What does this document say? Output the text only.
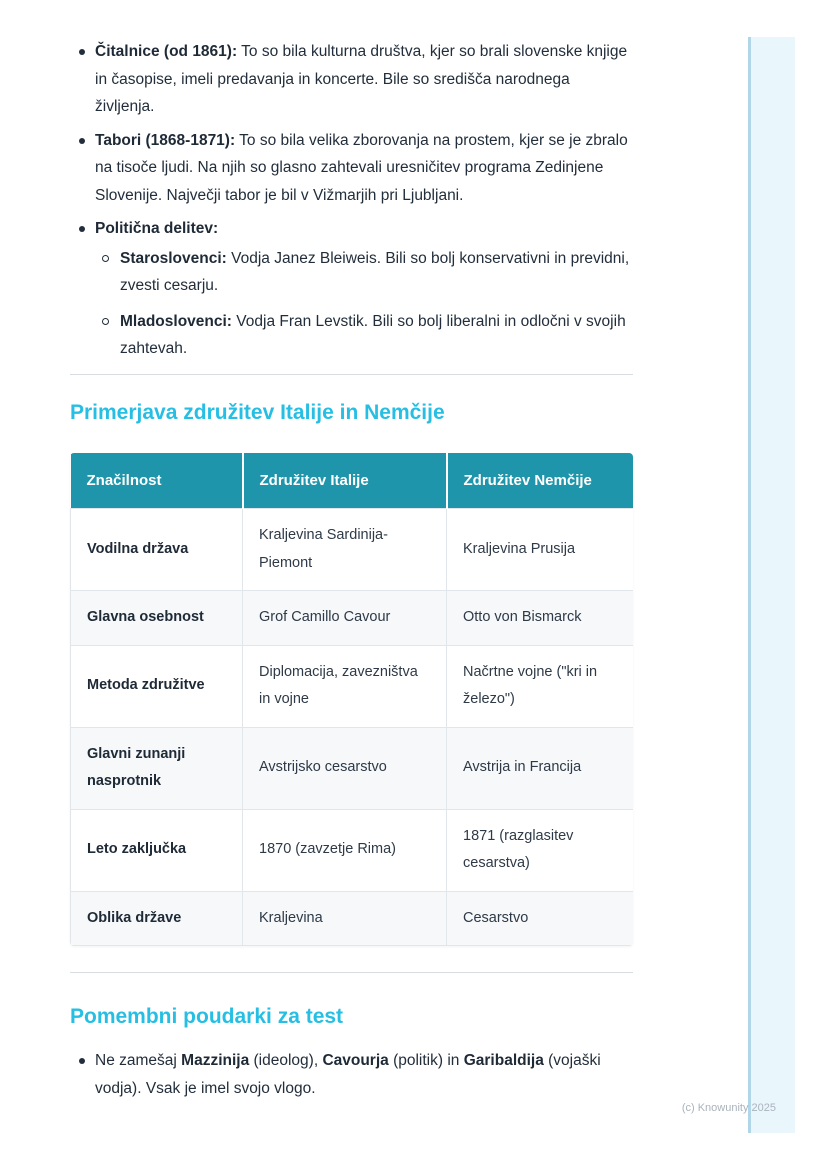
Čitalnice (od 1861): To so bila kulturna društva, kjer so brali slovenske knjige in časopise, imeli predavanja in koncerte. Bile so središča narodnega življenja.
Tabori (1868-1871): To so bila velika zborovanja na prostem, kjer se je zbralo na tisoče ljudi. Na njih so glasno zahtevali uresničitev programa Zedinjene Slovenije. Največji tabor je bil v Vižmarjih pri Ljubljani.
Politična delitev:
Staroslovenci: Vodja Janez Bleiweis. Bili so bolj konservativni in previdni, zvesti cesarju.
Mladoslovenci: Vodja Fran Levstik. Bili so bolj liberalni in odločni v svojih zahtevah.
Primerjava združitev Italije in Nemčije
Značilnost	Združitev Italije	Združitev Nemčije
Vodilna država	Kraljevina Sardinija-Piemont	Kraljevina Prusija
Glavna osebnost	Grof Camillo Cavour	Otto von Bismarck
Metoda združitve	Diplomacija, zavezništva in vojne	Načrtne vojne ("kri in železo")
Glavni zunanji nasprotnik	Avstrijsko cesarstvo	Avstrija in Francija
Leto zaključka	1870 (zavzetje Rima)	1871 (razglasitev cesarstva)
Oblika države	Kraljevina	Cesarstvo
Pomembni poudarki za test
Ne zamešaj Mazzinija (ideolog), Cavourja (politik) in Garibaldija (vojaški vodja). Vsak je imel svojo vlogo.
(c) Knowunity 2025
